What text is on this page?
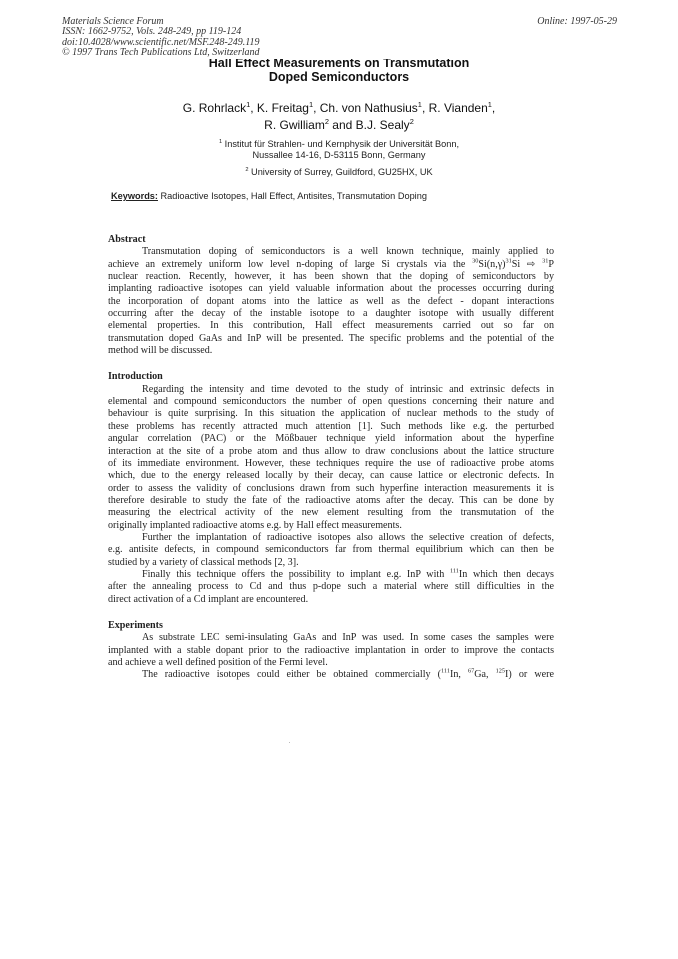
Materials Science Forum
ISSN: 1662-9752, Vols. 248-249, pp 119-124
doi:10.4028/www.scientific.net/MSF.248-249.119
© 1997 Trans Tech Publications Ltd, Switzerland
Online: 1997-05-29
Hall Effect Measurements on Transmutation
Doped Semiconductors
G. Rohrlack$^1$, K. Freitag$^1$, Ch. von Nathusius$^1$, R. Vianden$^1$,
R. Gwilliam$^2$ and B.J. Sealy$^2$
$^1$ Institut für Strahlen- und Kernphysik der Universität Bonn,
Nussallee 14-16, D-53115 Bonn, Germany
$^2$ University of Surrey, Guildford, GU25HX, UK
Keywords: Radioactive Isotopes, Hall Effect, Antisites, Transmutation Doping
Abstract
Transmutation doping of semiconductors is a well known technique, mainly applied to
achieve an extremely uniform low level n-doping of large Si crystals via the $^{30}Si(n,\gamma)^{31}Si$ ⇨ $^{31}$P
nuclear reaction. Recently, however, it has been shown that the doping of semiconductors by
implanting radioactive isotopes can yield valuable information about the processes occurring during
the incorporation of dopant atoms into the lattice as well as the defect - dopant interactions
occurring after the decay of the instable isotope to a daughter isotope with usually different
elemental properties. In this contribution, Hall effect measurements carried out so far on
transmutation doped GaAs and InP will be presented. The specific problems and the potential of the
method will be discussed.
Introduction
Regarding the intensity and time devoted to the study of intrinsic and extrinsic defects in
elemental and compound semiconductors the number of open questions concerning their nature and
behaviour is quite surprising. In this situation the application of nuclear methods to the study of
these problems has recently attracted much attention [1]. Such methods like e.g. the perturbed
angular correlation (PAC) or the Mößbauer technique yield information about the hyperfine
interaction at the site of a probe atom and thus allow to draw conclusions about the lattice structure
of its immediate environment. However, these techniques require the use of radioactive probe atoms
which, due to the energy released locally by their decay, can cause lattice or electronic defects. In
order to assess the validity of conclusions drawn from such hyperfine interaction measurements it is
therefore desirable to study the fate of the radioactive atoms after the decay. This can be done by
measuring the electrical activity of the new element resulting from the transmutation of the
originally implanted radioactive atoms e.g. by Hall effect measurements.
Further the implantation of radioactive isotopes also allows the selective creation of defects,
e.g. antisite defects, in compound semiconductors far from thermal equilibrium which can then be
studied by a variety of classical methods [2, 3].
Finally this technique offers the possibility to implant e.g. InP with $^{111}$In which then decays
after the annealing process to Cd and thus p-dope such a material where still difficulties in the
direct activation of a Cd implant are encountered.
Experiments
As substrate LEC semi-insulating GaAs and InP was used. In some cases the samples were
implanted with a stable dopant prior to the radioactive implantation in order to improve the contacts
and achieve a well defined position of the Fermi level.
The radioactive isotopes could either be obtained commercially ($^{111}$In, $^{67}$Ga, $^{125}$I) or were
